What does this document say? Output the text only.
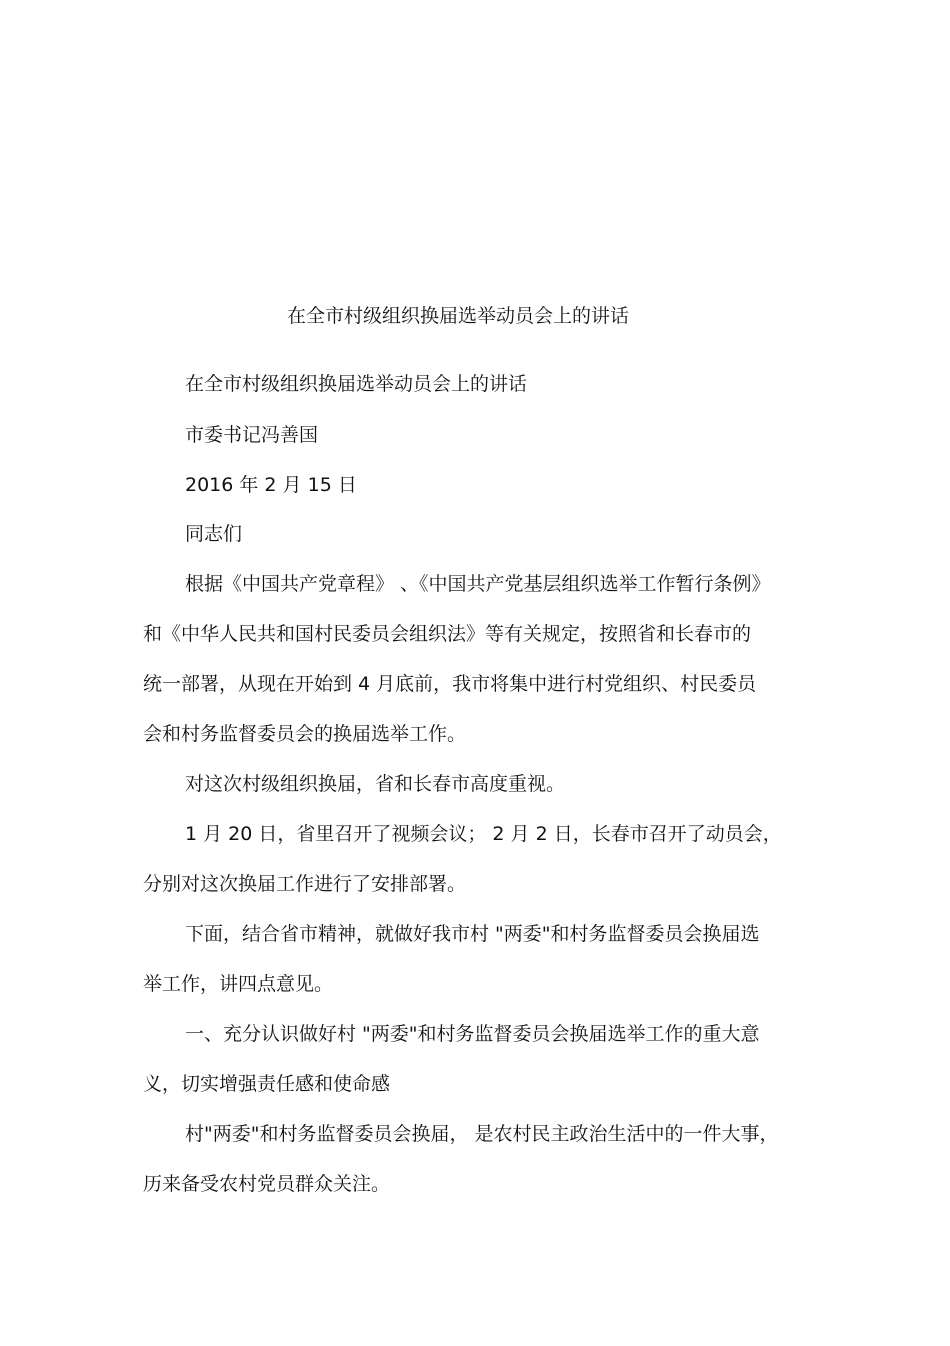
在全市村级组织换届选举动员会上的讲话

在全市村级组织换届选举动员会上的讲话

市委书记冯善国

2016 年 2 月 15 日

同志们

根据《中国共产党章程》 、《中国共产党基层组织选举工作暂行条例》

和《中华人民共和国村民委员会组织法》等有关规定，按照省和长春市的

统一部署，从现在开始到 4 月底前，我市将集中进行村党组织、村民委员

会和村务监督委员会的换届选举工作。

对这次村级组织换届，省和长春市高度重视。

1 月 20 日，省里召开了视频会议； 2 月 2 日，长春市召开了动员会，

分别对这次换届工作进行了安排部署。

下面，结合省市精神，就做好我市村 "两委"和村务监督委员会换届选

举工作，讲四点意见。

一、充分认识做好村 "两委"和村务监督委员会换届选举工作的重大意

义，切实增强责任感和使命感

村"两委"和村务监督委员会换届， 是农村民主政治生活中的一件大事，

历来备受农村党员群众关注。
